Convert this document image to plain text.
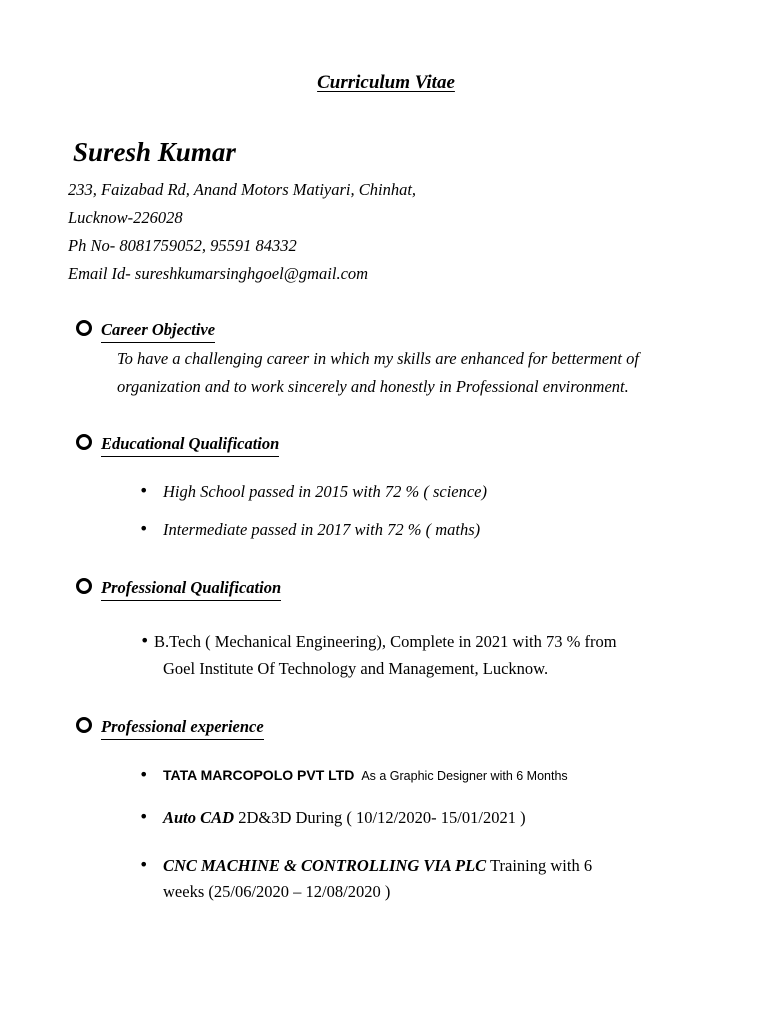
Curriculum Vitae
Suresh Kumar
233, Faizabad Rd, Anand Motors Matiyari, Chinhat,
Lucknow-226028
Ph No- 8081759052, 95591 84332
Email Id- sureshkumarsinghgoel@gmail.com
Career Objective
To have a challenging career in which my skills are enhanced for betterment of
organization and to work sincerely and honestly in Professional environment.
Educational Qualification
• High School passed in 2015 with 72 % ( science)
• Intermediate passed in 2017 with 72 % ( maths)
Professional Qualification
• B.Tech ( Mechanical Engineering), Complete in 2021 with 73 % from
Goel Institute Of Technology and Management, Lucknow.
Professional experience
• TATA MARCOPOLO PVT LTD As a Graphic Designer with 6 Months
• Auto CAD 2D&3D During ( 10/12/2020- 15/01/2021 )
• CNC MACHINE & CONTROLLING VIA PLC Training with 6
weeks (25/06/2020 – 12/08/2020 )
